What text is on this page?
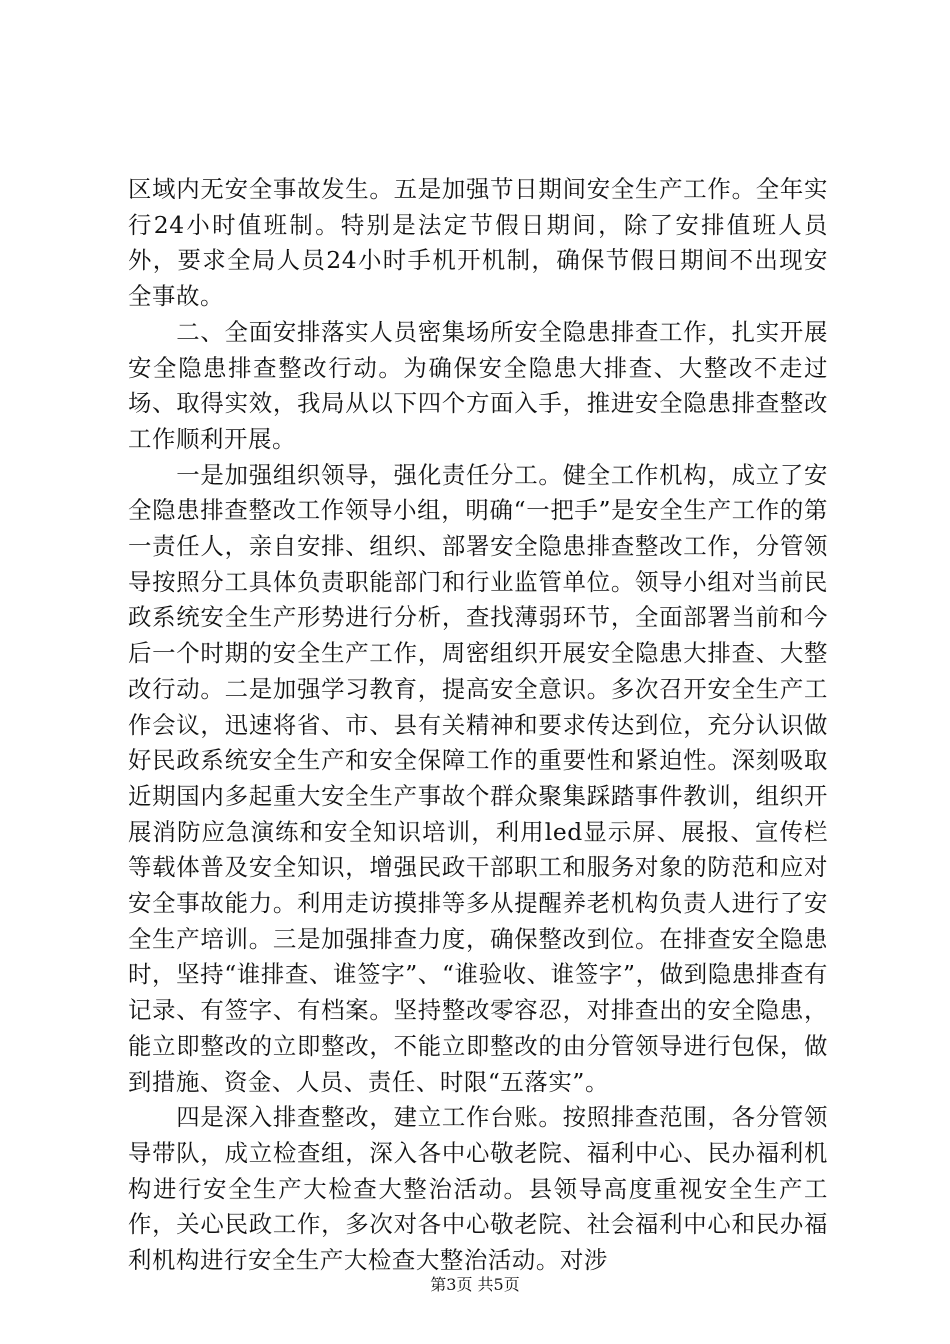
区域内无安全事故发生。五是加强节日期间安全生产工作。全年实行24小时值班制。特别是法定节假日期间，除了安排值班人员外，要求全局人员24小时手机开机制，确保节假日期间不出现安全事故。

　　二、全面安排落实人员密集场所安全隐患排查工作，扎实开展安全隐患排查整改行动。为确保安全隐患大排查、大整改不走过场、取得实效，我局从以下四个方面入手，推进安全隐患排查整改工作顺利开展。

　　一是加强组织领导，强化责任分工。健全工作机构，成立了安全隐患排查整改工作领导小组，明确“一把手”是安全生产工作的第一责任人，亲自安排、组织、部署安全隐患排查整改工作，分管领导按照分工具体负责职能部门和行业监管单位。领导小组对当前民政系统安全生产形势进行分析，查找薄弱环节，全面部署当前和今后一个时期的安全生产工作，周密组织开展安全隐患大排查、大整改行动。二是加强学习教育，提高安全意识。多次召开安全生产工作会议，迅速将省、市、县有关精神和要求传达到位，充分认识做好民政系统安全生产和安全保障工作的重要性和紧迫性。深刻吸取近期国内多起重大安全生产事故个群众聚集踩踏事件教训，组织开展消防应急演练和安全知识培训，利用led显示屏、展报、宣传栏等载体普及安全知识，增强民政干部职工和服务对象的防范和应对安全事故能力。利用走访摸排等多从提醒养老机构负责人进行了安全生产培训。三是加强排查力度，确保整改到位。在排查安全隐患时，坚持“谁排查、谁签字”、“谁验收、谁签字”，做到隐患排查有记录、有签字、有档案。坚持整改零容忍，对排查出的安全隐患，能立即整改的立即整改，不能立即整改的由分管领导进行包保，做到措施、资金、人员、责任、时限“五落实”。

　　四是深入排查整改，建立工作台账。按照排查范围，各分管领导带队，成立检查组，深入各中心敬老院、福利中心、民办福利机构进行安全生产大检查大整治活动。县领导高度重视安全生产工作，关心民政工作，多次对各中心敬老院、社会福利中心和民办福利机构进行安全生产大检查大整治活动。对涉

第3页 共5页
